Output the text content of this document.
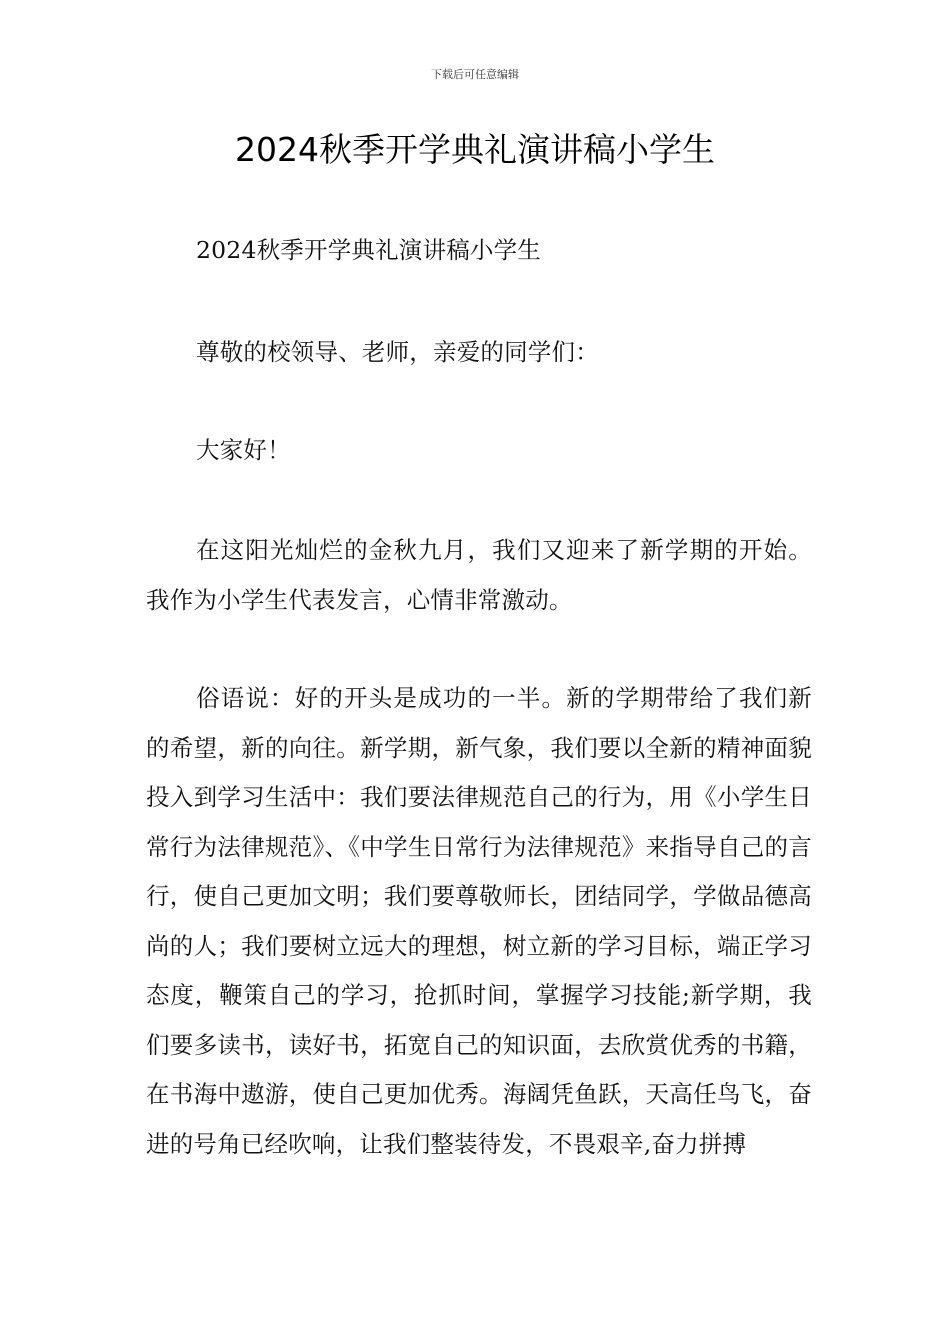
下载后可任意编辑
2024秋季开学典礼演讲稿小学生

2024秋季开学典礼演讲稿小学生

尊敬的校领导、老师，亲爱的同学们：

大家好！

在这阳光灿烂的金秋九月，我们又迎来了新学期的开始。我作为小学生代表发言，心情非常激动。

俗语说：好的开头是成功的一半。新的学期带给了我们新的希望，新的向往。新学期，新气象，我们要以全新的精神面貌投入到学习生活中：我们要法律规范自己的行为，用《小学生日常行为法律规范》、《中学生日常行为法律规范》来指导自己的言行，使自己更加文明；我们要尊敬师长，团结同学，学做品德高尚的人；我们要树立远大的理想，树立新的学习目标，端正学习态度，鞭策自己的学习，抢抓时间，掌握学习技能;新学期，我们要多读书，读好书，拓宽自己的知识面，去欣赏优秀的书籍，在书海中遨游，使自己更加优秀。海阔凭鱼跃，天高任鸟飞，奋进的号角已经吹响，让我们整装待发，不畏艰辛,奋力拼搏
